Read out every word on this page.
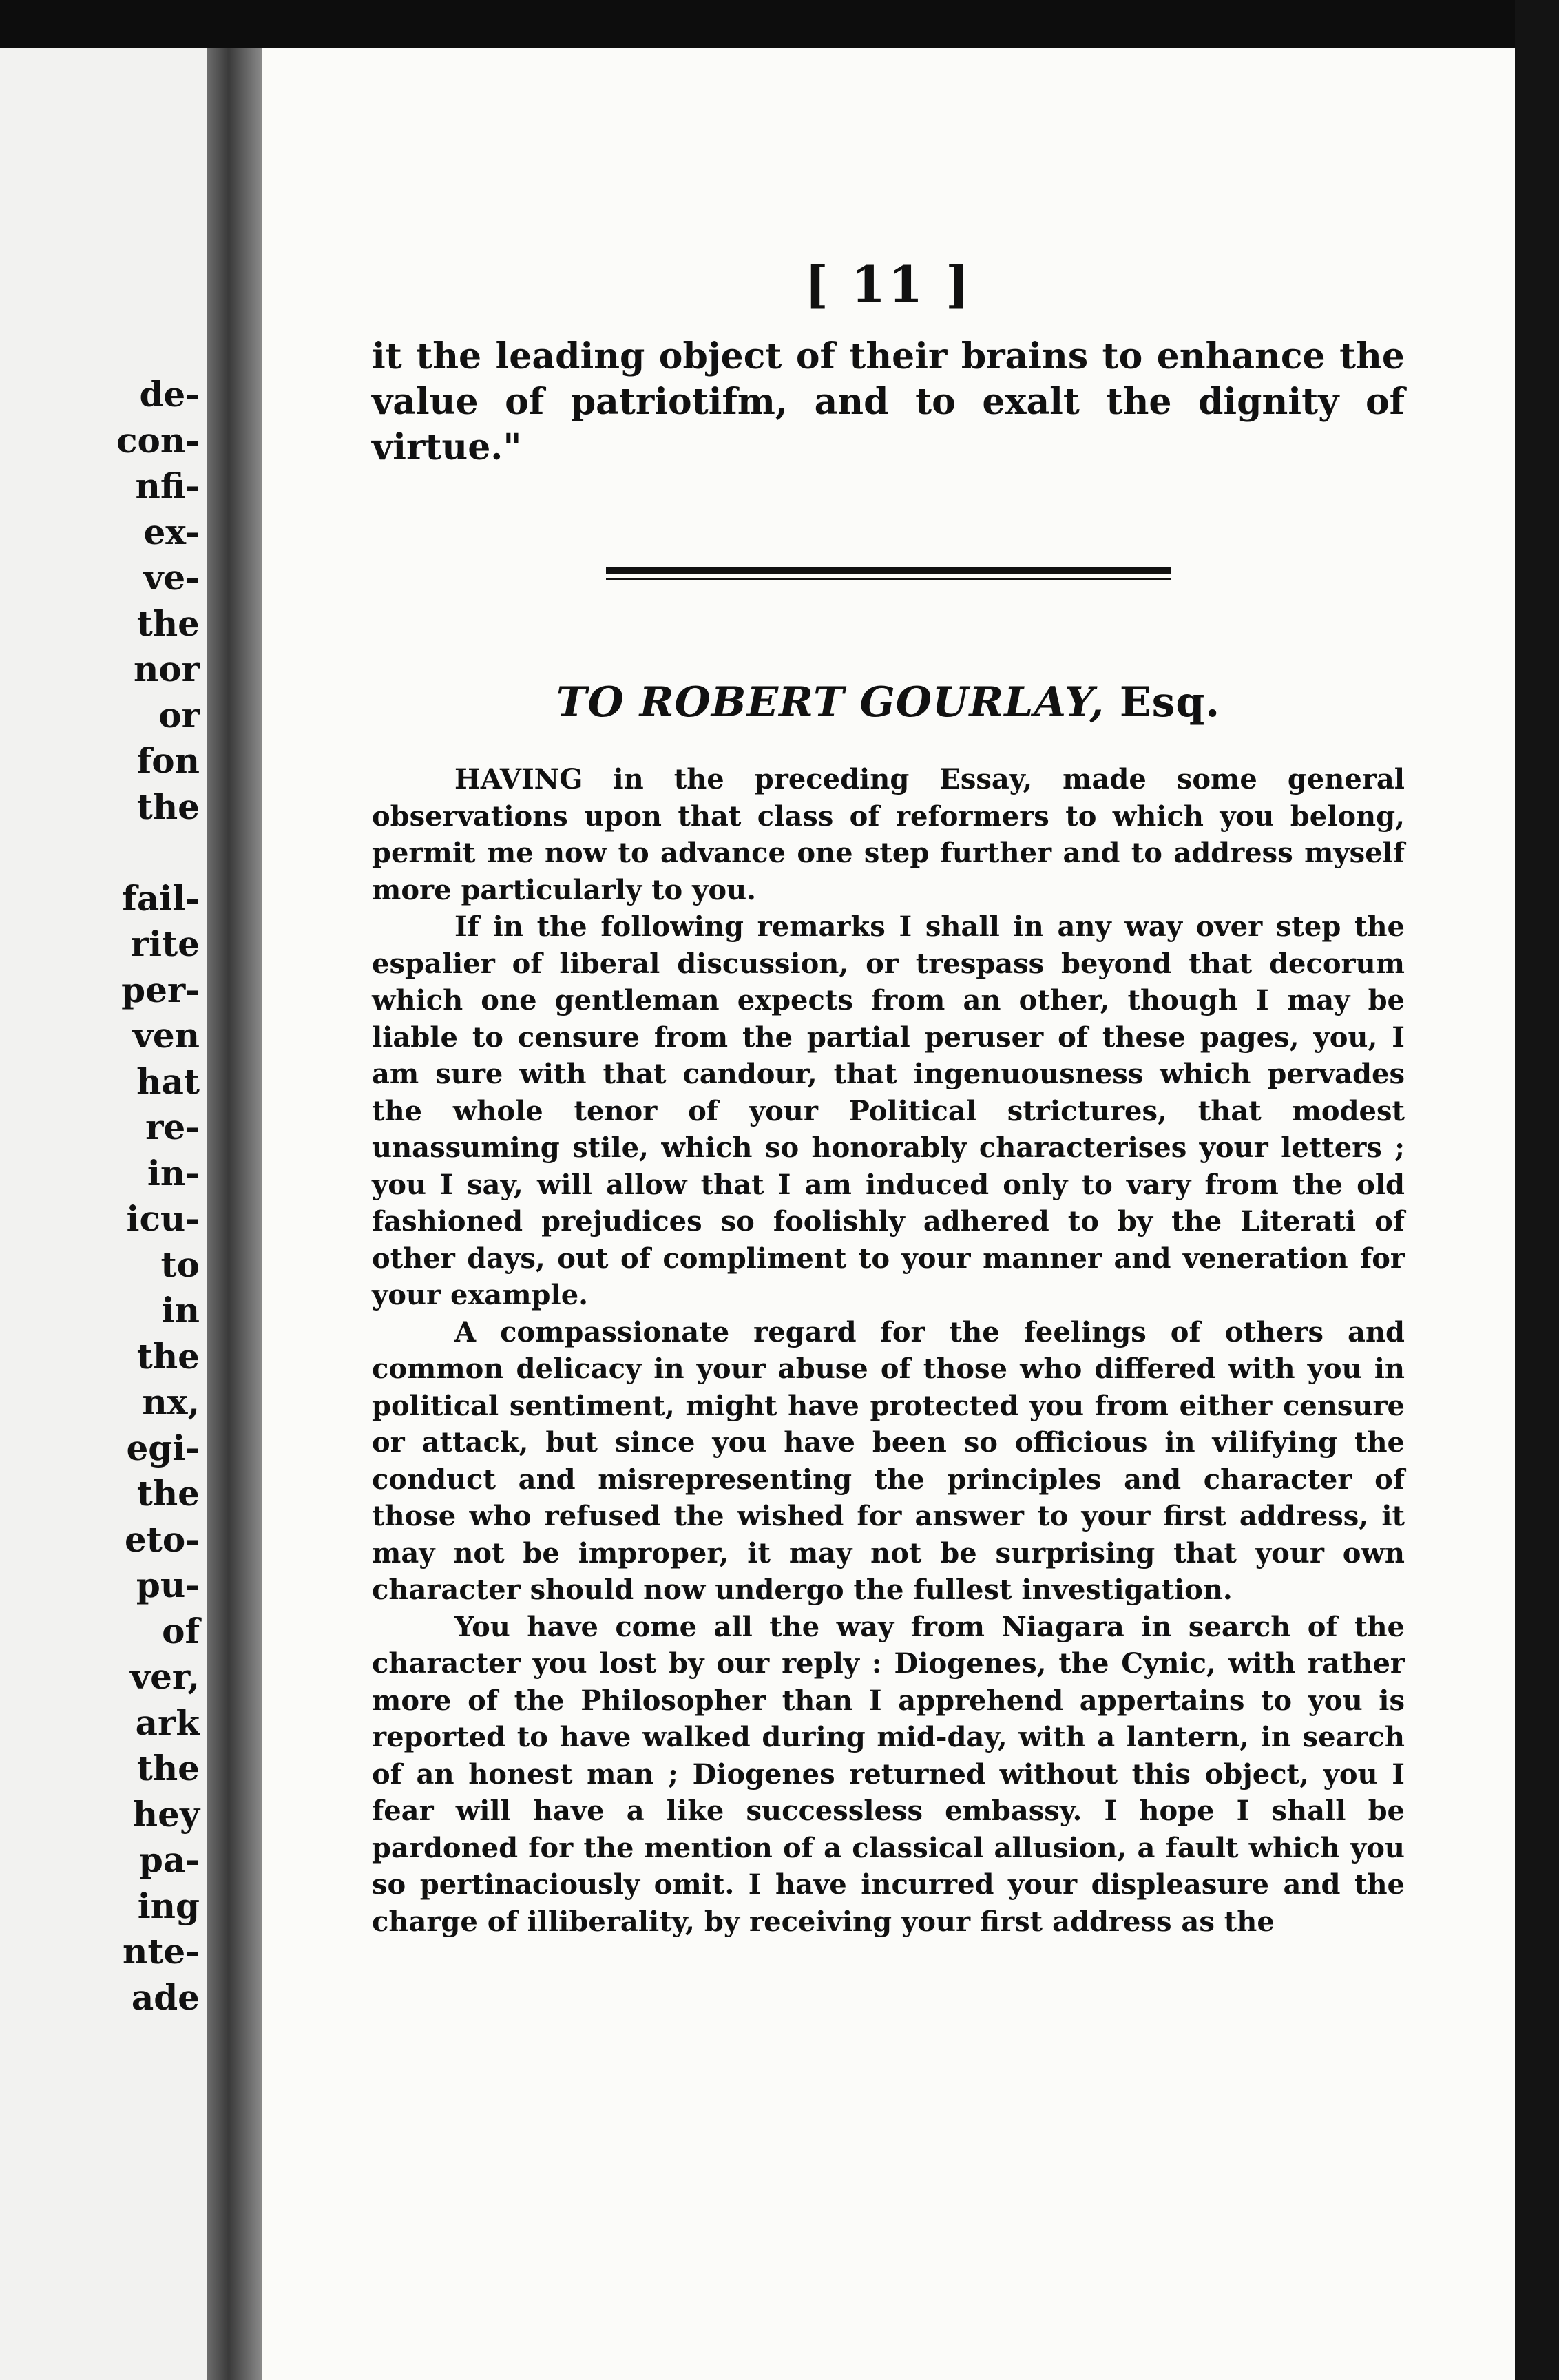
de-
con-
nfi-
ex-
ve-
the
nor
or
fon
the
fail-
rite
per-
ven
hat
re-
in-
icu-
to
in
the
nx,
egi-
the
eto-
pu-
of
ver,
ark
the
hey
pa-
ing
nte-
ade
[ 11 ]

it the leading object of their brains to enhance the value of patriotifm, and to exalt the dignity of virtue."

TO ROBERT GOURLAY, Esq.

HAVING in the preceding Essay, made some general observations upon that class of reformers to which you belong, permit me now to advance one step further and to address myself more particularly to you.

If in the following remarks I shall in any way over step the espalier of liberal discussion, or trespass beyond that decorum which one gentleman expects from an other, though I may be liable to censure from the partial peruser of these pages, you, I am sure with that candour, that ingenuousness which pervades the whole tenor of your Political strictures, that modest unassuming stile, which so honorably characterises your letters ; you I say, will allow that I am induced only to vary from the old fashioned prejudices so foolishly adhered to by the Literati of other days, out of compliment to your manner and veneration for your example.

A compassionate regard for the feelings of others and common delicacy in your abuse of those who differed with you in political sentiment, might have protected you from either censure or attack, but since you have been so officious in vilifying the conduct and misrepresenting the principles and character of those who refused the wished for answer to your first address, it may not be improper, it may not be surprising that your own character should now undergo the fullest investigation.

You have come all the way from Niagara in search of the character you lost by our reply : Diogenes, the Cynic, with rather more of the Philosopher than I apprehend appertains to you is reported to have walked during mid-day, with a lantern, in search of an honest man ; Diogenes returned without this object, you I fear will have a like successless embassy. I hope I shall be pardoned for the mention of a classical allusion, a fault which you so pertinaciously omit. I have incurred your displeasure and the charge of illiberality, by receiving your first address as the
